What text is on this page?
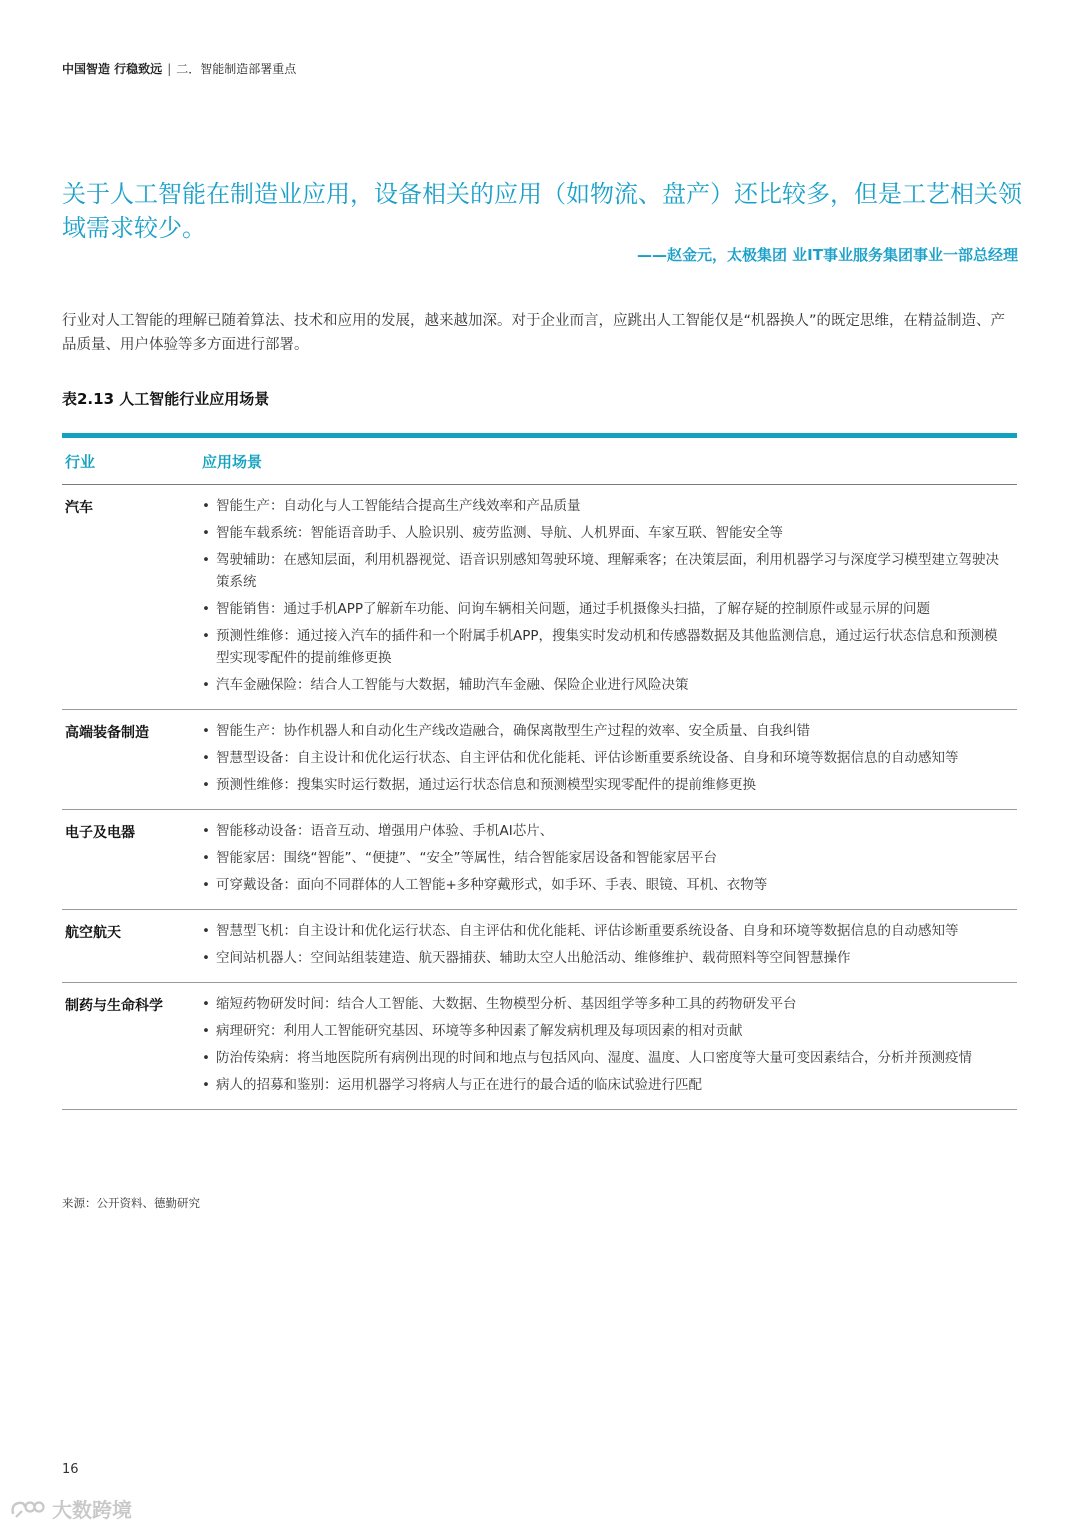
中国智造 行稳致远 | 二．智能制造部署重点
关于人工智能在制造业应用，设备相关的应用（如物流、盘产）还比较多，但是工艺相关领域需求较少。
——赵金元，太极集团 业IT事业服务集团事业一部总经理
行业对人工智能的理解已随着算法、技术和应用的发展，越来越加深。对于企业而言，应跳出人工智能仅是“机器换人”的既定思维，在精益制造、产品质量、用户体验等多方面进行部署。
表2.13 人工智能行业应用场景
行业	应用场景
汽车	• 智能生产：自动化与人工智能结合提高生产线效率和产品质量
• 智能车载系统：智能语音助手、人脸识别、疲劳监测、导航、人机界面、车家互联、智能安全等
• 驾驶辅助：在感知层面，利用机器视觉、语音识别感知驾驶环境、理解乘客；在决策层面，利用机器学习与深度学习模型建立驾驶决策系统
• 智能销售：通过手机APP了解新车功能、问询车辆相关问题，通过手机摄像头扫描，了解存疑的控制原件或显示屏的问题
• 预测性维修：通过接入汽车的插件和一个附属手机APP，搜集实时发动机和传感器数据及其他监测信息，通过运行状态信息和预测模型实现零配件的提前维修更换
• 汽车金融保险：结合人工智能与大数据，辅助汽车金融、保险企业进行风险决策
高端装备制造	• 智能生产：协作机器人和自动化生产线改造融合，确保离散型生产过程的效率、安全质量、自我纠错
• 智慧型设备：自主设计和优化运行状态、自主评估和优化能耗、评估诊断重要系统设备、自身和环境等数据信息的自动感知等
• 预测性维修：搜集实时运行数据，通过运行状态信息和预测模型实现零配件的提前维修更换
电子及电器	• 智能移动设备：语音互动、增强用户体验、手机AI芯片、
• 智能家居：围绕“智能”、“便捷”、“安全”等属性，结合智能家居设备和智能家居平台
• 可穿戴设备：面向不同群体的人工智能+多种穿戴形式，如手环、手表、眼镜、耳机、衣物等
航空航天	• 智慧型飞机：自主设计和优化运行状态、自主评估和优化能耗、评估诊断重要系统设备、自身和环境等数据信息的自动感知等
• 空间站机器人：空间站组装建造、航天器捕获、辅助太空人出舱活动、维修维护、载荷照料等空间智慧操作
制药与生命科学	• 缩短药物研发时间：结合人工智能、大数据、生物模型分析、基因组学等多种工具的药物研发平台
• 病理研究：利用人工智能研究基因、环境等多种因素了解发病机理及每项因素的相对贡献
• 防治传染病：将当地医院所有病例出现的时间和地点与包括风向、湿度、温度、人口密度等大量可变因素结合，分析并预测疫情
• 病人的招募和鉴别：运用机器学习将病人与正在进行的最合适的临床试验进行匹配
来源：公开资料、德勤研究
16
大数跨境
